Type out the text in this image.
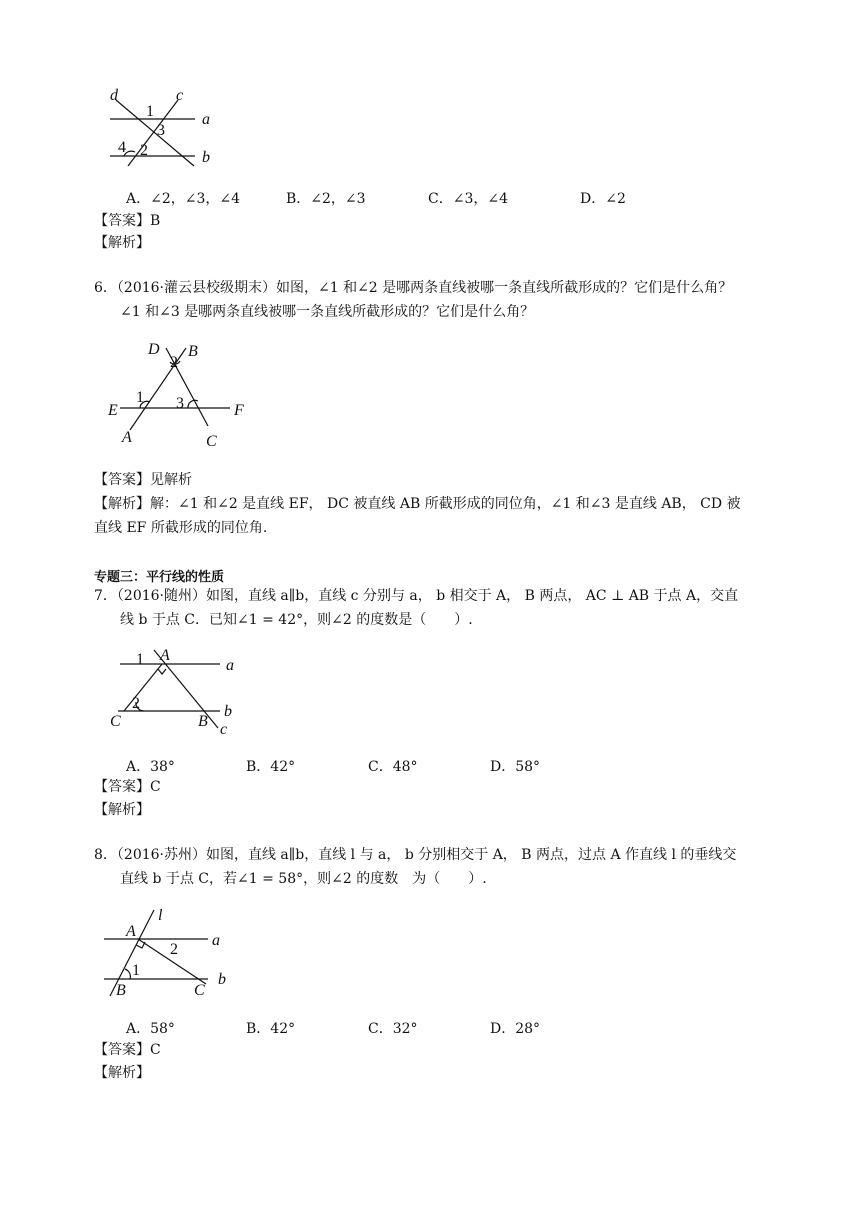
d	c
a
b
1
3
4 2
A．∠2，∠3，∠4	B．∠2，∠3	C．∠3，∠4	D．∠2
【答案】B
【解析】
6．（2016·灌云县校级期末）如图，∠1 和∠2 是哪两条直线被哪一条直线所截形成的？它们是什么角？
∠1 和∠3 是哪两条直线被哪一条直线所截形成的？它们是什么角？
D B
2
1 3
E	F
A	C
【答案】见解析
【解析】解：∠1 和∠2 是直线 EF， DC 被直线 AB 所截形成的同位角，∠1 和∠3 是直线 AB， CD 被
直线 EF 所截形成的同位角.
专题三：平行线的性质
7．（2016·随州）如图，直线 a∥b，直线 c 分别与 a， b 相交于 A， B 两点， AC ⊥ AB 于点 A，交直
线 b 于点 C．已知∠1 = 42°，则∠2 的度数是（　　）.
1 A
a
2
C	B
b
c
A．38°	B．42°	C．48°	D．58°
【答案】C
【解析】
8．（2016·苏州）如图，直线 a∥b，直线 l 与 a， b 分别相交于 A， B 两点，过点 A 作直线 l 的垂线交
直线 b 于点 C，若∠1 = 58°，则∠2 的度数　为（　　）.
l
A
a
2
1
B	C
b
A．58°	B．42°	C．32°	D．28°
【答案】C
【解析】
